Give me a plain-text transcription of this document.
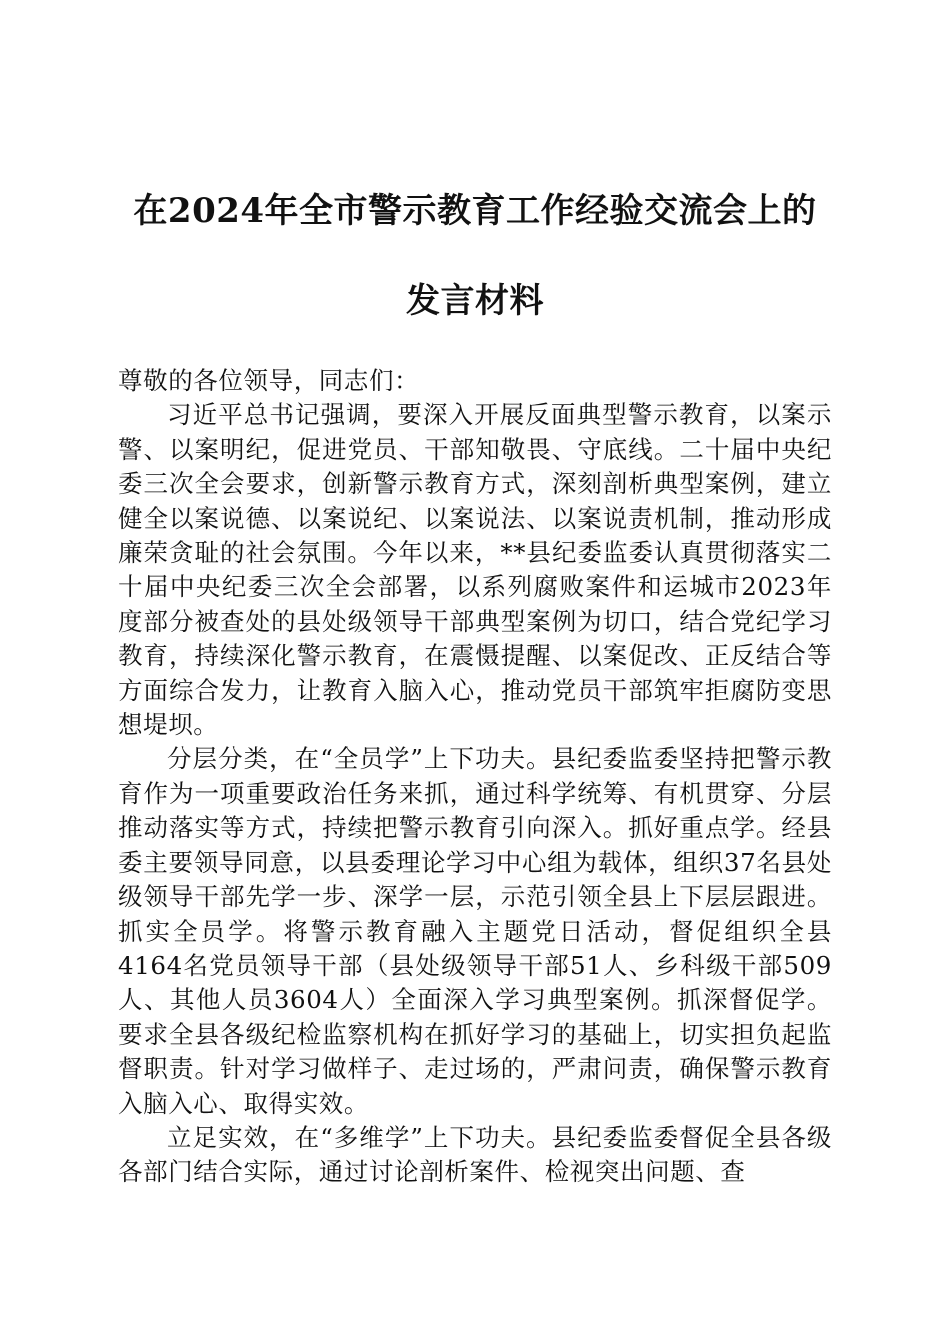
在2024年全市警示教育工作经验交流会上的
发言材料

尊敬的各位领导，同志们：

习近平总书记强调，要深入开展反面典型警示教育，以案示警、以案明纪，促进党员、干部知敬畏、守底线。二十届中央纪委三次全会要求，创新警示教育方式，深刻剖析典型案例，建立健全以案说德、以案说纪、以案说法、以案说责机制，推动形成廉荣贪耻的社会氛围。今年以来，**县纪委监委认真贯彻落实二十届中央纪委三次全会部署，以系列腐败案件和运城市2023年度部分被查处的县处级领导干部典型案例为切口，结合党纪学习教育，持续深化警示教育，在震慑提醒、以案促改、正反结合等方面综合发力，让教育入脑入心，推动党员干部筑牢拒腐防变思想堤坝。

分层分类，在“全员学”上下功夫。县纪委监委坚持把警示教育作为一项重要政治任务来抓，通过科学统筹、有机贯穿、分层推动落实等方式，持续把警示教育引向深入。抓好重点学。经县委主要领导同意，以县委理论学习中心组为载体，组织37名县处级领导干部先学一步、深学一层，示范引领全县上下层层跟进。抓实全员学。将警示教育融入主题党日活动，督促组织全县4164名党员领导干部（县处级领导干部51人、乡科级干部509人、其他人员3604人）全面深入学习典型案例。抓深督促学。要求全县各级纪检监察机构在抓好学习的基础上，切实担负起监督职责。针对学习做样子、走过场的，严肃问责，确保警示教育入脑入心、取得实效。

立足实效，在“多维学”上下功夫。县纪委监委督促全县各级各部门结合实际，通过讨论剖析案件、检视突出问题、查
